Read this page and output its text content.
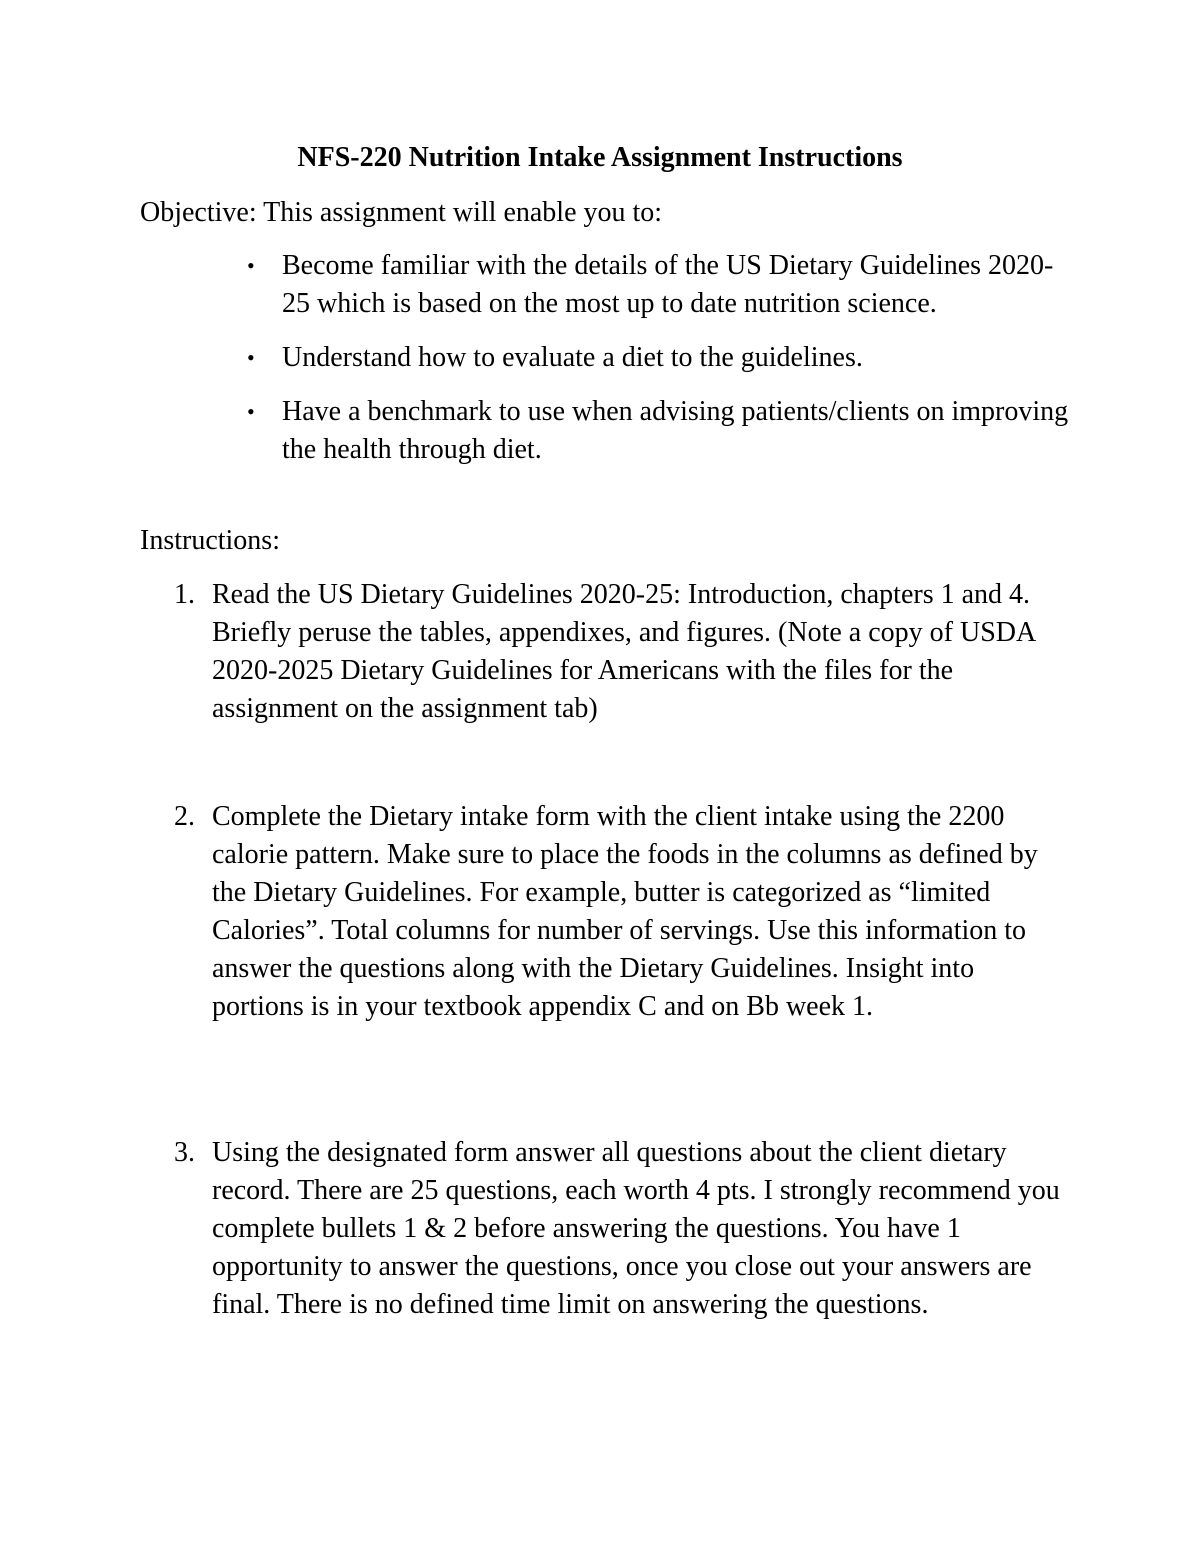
NFS-220 Nutrition Intake Assignment Instructions

Objective: This assignment will enable you to:

• Become familiar with the details of the US Dietary Guidelines 2020-25 which is based on the most up to date nutrition science.
• Understand how to evaluate a diet to the guidelines.
• Have a benchmark to use when advising patients/clients on improving the health through diet.

Instructions:

1. Read the US Dietary Guidelines 2020-25: Introduction, chapters 1 and 4. Briefly peruse the tables, appendixes, and figures. (Note a copy of USDA 2020-2025 Dietary Guidelines for Americans with the files for the assignment on the assignment tab)
2. Complete the Dietary intake form with the client intake using the 2200 calorie pattern. Make sure to place the foods in the columns as defined by the Dietary Guidelines. For example, butter is categorized as “limited Calories”. Total columns for number of servings. Use this information to answer the questions along with the Dietary Guidelines. Insight into portions is in your textbook appendix C and on Bb week 1.
3. Using the designated form answer all questions about the client dietary record. There are 25 questions, each worth 4 pts. I strongly recommend you complete bullets 1 & 2 before answering the questions. You have 1 opportunity to answer the questions, once you close out your answers are final. There is no defined time limit on answering the questions.
